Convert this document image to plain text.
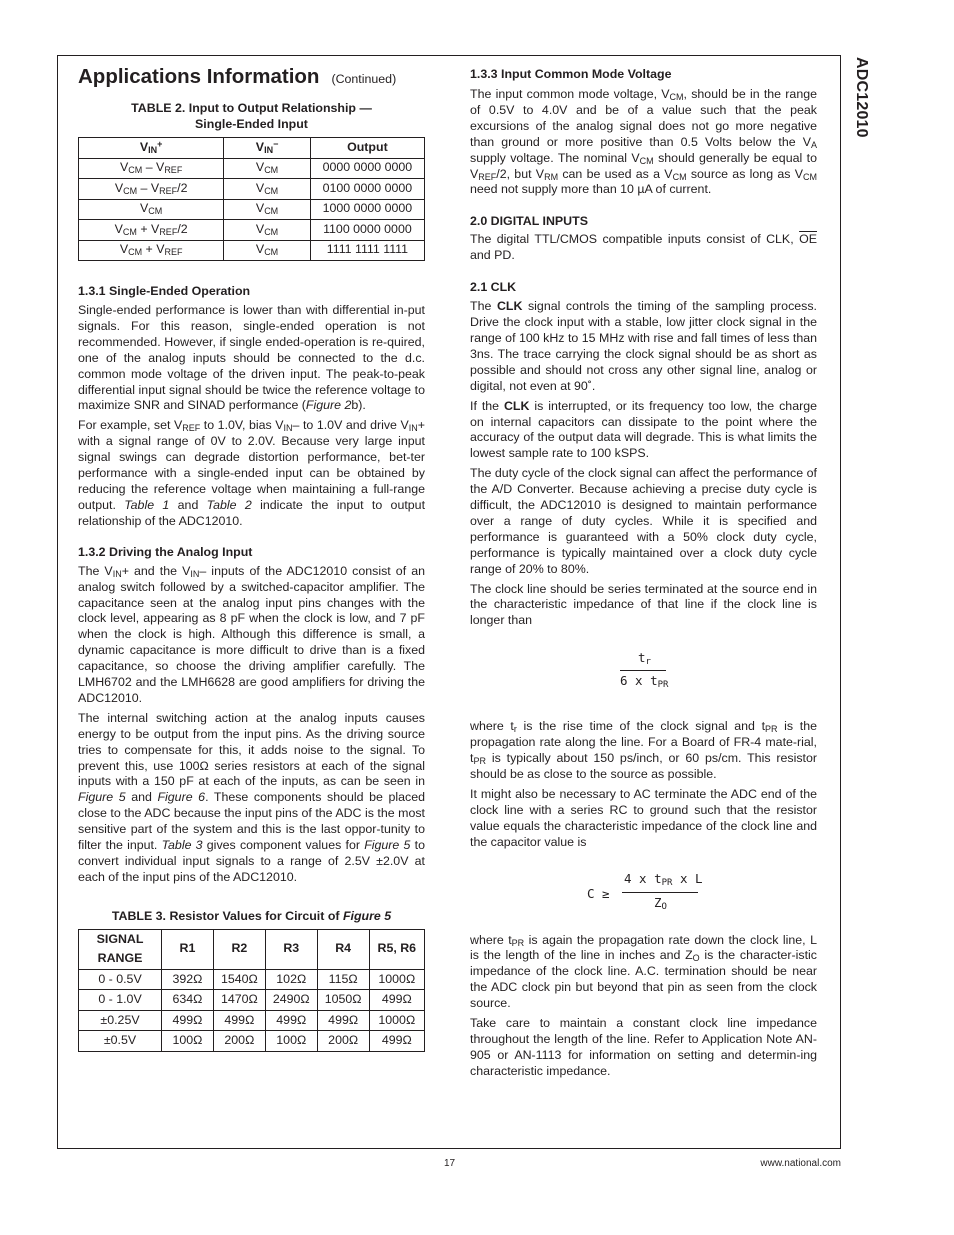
ADC12010
Applications Information (Continued)
TABLE 2. Input to Output Relationship —
Single-Ended Input
$V_{IN}^+$	$V_{IN}^-$	Output
$V_{CM} - V_{REF}$	$V_{CM}$	0000 0000 0000
$V_{CM} - V_{REF}/2$	$V_{CM}$	0100 0000 0000
$V_{CM}$	$V_{CM}$	1000 0000 0000
$V_{CM} + V_{REF}/2$	$V_{CM}$	1100 0000 0000
$V_{CM} + V_{REF}$	$V_{CM}$	1111 1111 1111
1.3.1 Single-Ended Operation

Single-ended performance is lower than with differential in-put signals. For this reason, single-ended operation is not recommended. However, if single ended-operation is re-quired, one of the analog inputs should be connected to the d.c. common mode voltage of the driven input. The peak-to-peak differential input signal should be twice the reference voltage to maximize SNR and SINAD performance (Figure 2b).

For example, set $V_{REF}$ to 1.0V, bias $V_{IN}-$ to 1.0V and drive $V_{IN}+$ with a signal range of 0V to 2.0V. Because very large input signal swings can degrade distortion performance, bet-ter performance with a single-ended input can be obtained by reducing the reference voltage when maintaining a full-range output. Table 1 and Table 2 indicate the input to output relationship of the ADC12010.

1.3.2 Driving the Analog Input

The $V_{IN}+$ and the $V_{IN}-$ inputs of the ADC12010 consist of an analog switch followed by a switched-capacitor amplifier. The capacitance seen at the analog input pins changes with the clock level, appearing as 8 pF when the clock is low, and 7 pF when the clock is high. Although this difference is small, a dynamic capacitance is more difficult to drive than is a fixed capacitance, so choose the driving amplifier carefully. The LMH6702 and the LMH6628 are good amplifiers for driving the ADC12010.

The internal switching action at the analog inputs causes energy to be output from the input pins. As the driving source tries to compensate for this, it adds noise to the signal. To prevent this, use 100Ω series resistors at each of the signal inputs with a 150 pF at each of the inputs, as can be seen in Figure 5 and Figure 6. These components should be placed close to the ADC because the input pins of the ADC is the most sensitive part of the system and this is the last oppor-tunity to filter the input. Table 3 gives component values for Figure 5 to convert individual input signals to a range of 2.5V ±2.0V at each of the input pins of the ADC12010.

TABLE 3. Resistor Values for Circuit of Figure 5
SIGNAL
RANGE	R1	R2	R3	R4	R5, R6
0 - 0.5V	392Ω	1540Ω	102Ω	115Ω	1000Ω
0 - 1.0V	634Ω	1470Ω	2490Ω	1050Ω	499Ω
±0.25V	499Ω	499Ω	499Ω	499Ω	1000Ω
±0.5V	100Ω	200Ω	100Ω	200Ω	499Ω
1.3.3 Input Common Mode Voltage

The input common mode voltage, $V_{CM}$, should be in the range of 0.5V to 4.0V and be of a value such that the peak excursions of the analog signal does not go more negative than ground or more positive than 0.5 Volts below the $V_A$ supply voltage. The nominal $V_{CM}$ should generally be equal to $V_{REF}/2$, but $V_{RM}$ can be used as a $V_{CM}$ source as long as $V_{CM}$ need not supply more than 10 µA of current.

2.0 DIGITAL INPUTS

The digital TTL/CMOS compatible inputs consist of CLK, $\overline{OE}$ and PD.

2.1 CLK

The CLK signal controls the timing of the sampling process. Drive the clock input with a stable, low jitter clock signal in the range of 100 kHz to 15 MHz with rise and fall times of less than 3ns. The trace carrying the clock signal should be as short as possible and should not cross any other signal line, analog or digital, not even at 90˚.

If the CLK is interrupted, or its frequency too low, the charge on internal capacitors can dissipate to the point where the accuracy of the output data will degrade. This is what limits the lowest sample rate to 100 kSPS.

The duty cycle of the clock signal can affect the performance of the A/D Converter. Because achieving a precise duty cycle is difficult, the ADC12010 is designed to maintain performance over a range of duty cycles. While it is specified and performance is guaranteed with a 50% clock duty cycle, performance is typically maintained over a clock duty cycle range of 20% to 80%.

The clock line should be series terminated at the source end in the characteristic impedance of that line if the clock line is longer than

$t_r$
6 x $t_{PR}$

where $t_r$ is the rise time of the clock signal and $t_{PR}$ is the propagation rate along the line. For a Board of FR-4 mate-rial, $t_{PR}$ is typically about 150 ps/inch, or 60 ps/cm. This resistor should be as close to the source as possible.

It might also be necessary to AC terminate the ADC end of the clock line with a series RC to ground such that the resistor value equals the characteristic impedance of the clock line and the capacitor value is

C ≥
4 x $t_{PR}$ x L
$Z_O$

where $t_{PR}$ is again the propagation rate down the clock line, L is the length of the line in inches and $Z_O$ is the character-istic impedance of the clock line. A.C. termination should be near the ADC clock pin but beyond that pin as seen from the clock source.

Take care to maintain a constant clock line impedance throughout the length of the line. Refer to Application Note AN-905 or AN-1113 for information on setting and determin-ing characteristic impedance.

17	www.national.com
